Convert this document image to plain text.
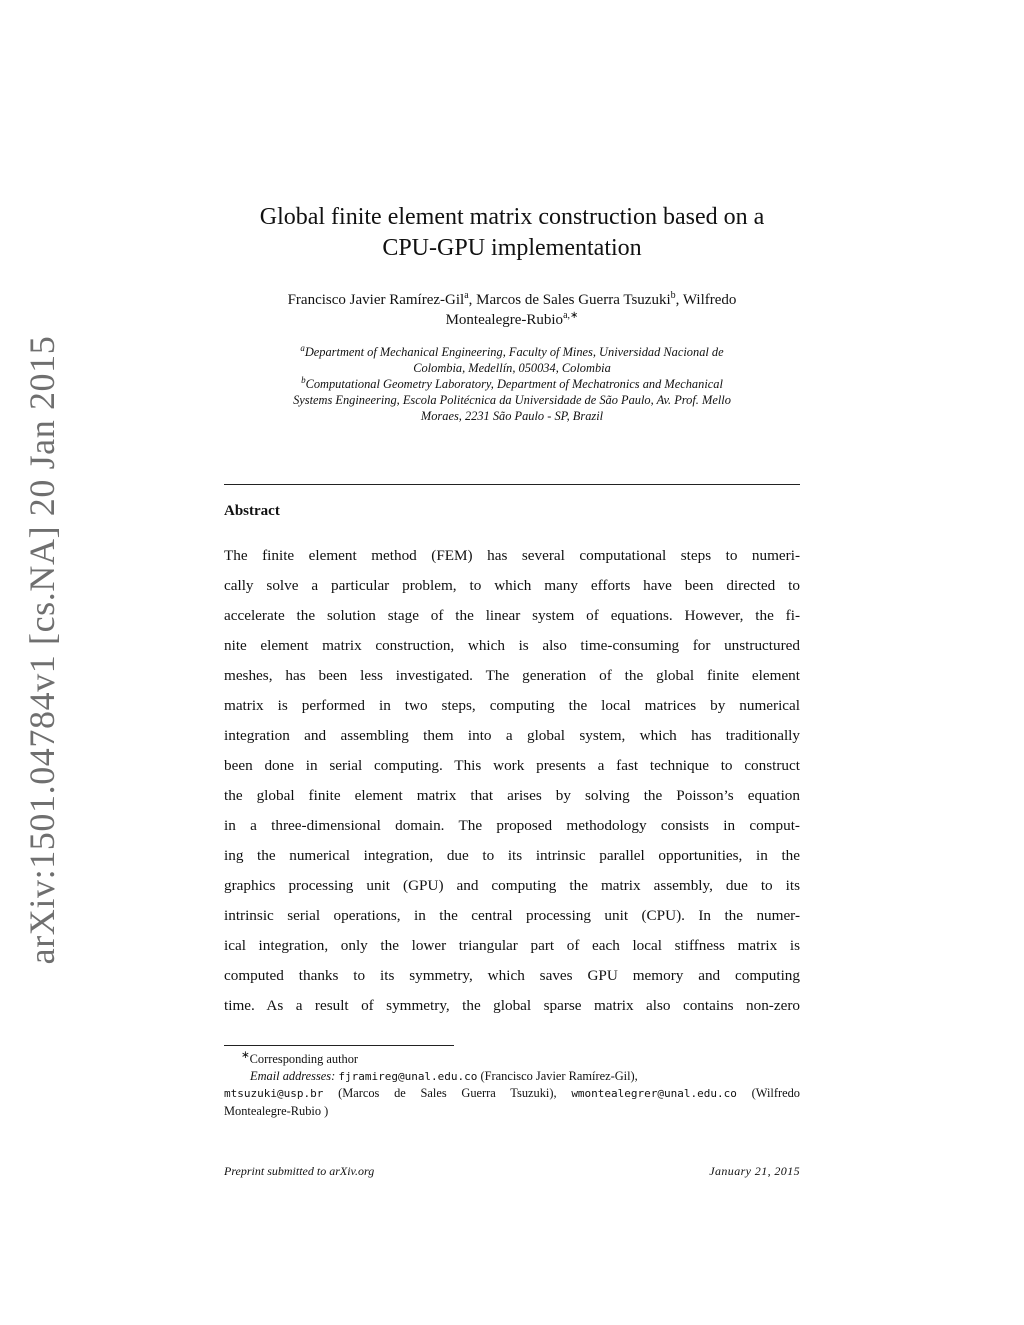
arXiv:1501.04784v1 [cs.NA] 20 Jan 2015
Global finite element matrix construction based on a
CPU-GPU implementation
Francisco Javier Ramírez-Gil$^a$, Marcos de Sales Guerra Tsuzuki$^b$, Wilfredo
Montealegre-Rubio$^{a,∗}$
$^a$Department of Mechanical Engineering, Faculty of Mines, Universidad Nacional de
Colombia, Medellín, 050034, Colombia
$^b$Computational Geometry Laboratory, Department of Mechatronics and Mechanical
Systems Engineering, Escola Politécnica da Universidade de São Paulo, Av. Prof. Mello
Moraes, 2231 São Paulo - SP, Brazil
Abstract
The finite element method (FEM) has several computational steps to numeri-
cally solve a particular problem, to which many efforts have been directed to
accelerate the solution stage of the linear system of equations. However, the fi-
nite element matrix construction, which is also time-consuming for unstructured
meshes, has been less investigated. The generation of the global finite element
matrix is performed in two steps, computing the local matrices by numerical
integration and assembling them into a global system, which has traditionally
been done in serial computing. This work presents a fast technique to construct
the global finite element matrix that arises by solving the Poisson’s equation
in a three-dimensional domain. The proposed methodology consists in comput-
ing the numerical integration, due to its intrinsic parallel opportunities, in the
graphics processing unit (GPU) and computing the matrix assembly, due to its
intrinsic serial operations, in the central processing unit (CPU). In the numer-
ical integration, only the lower triangular part of each local stiffness matrix is
computed thanks to its symmetry, which saves GPU memory and computing
time. As a result of symmetry, the global sparse matrix also contains non-zero
∗Corresponding author
Email addresses: fjramireg@unal.edu.co (Francisco Javier Ramírez-Gil),
mtsuzuki@usp.br (Marcos de Sales Guerra Tsuzuki), wmontealegrer@unal.edu.co (Wilfredo
Montealegre-Rubio )
Preprint submitted to arXiv.org	January 21, 2015
